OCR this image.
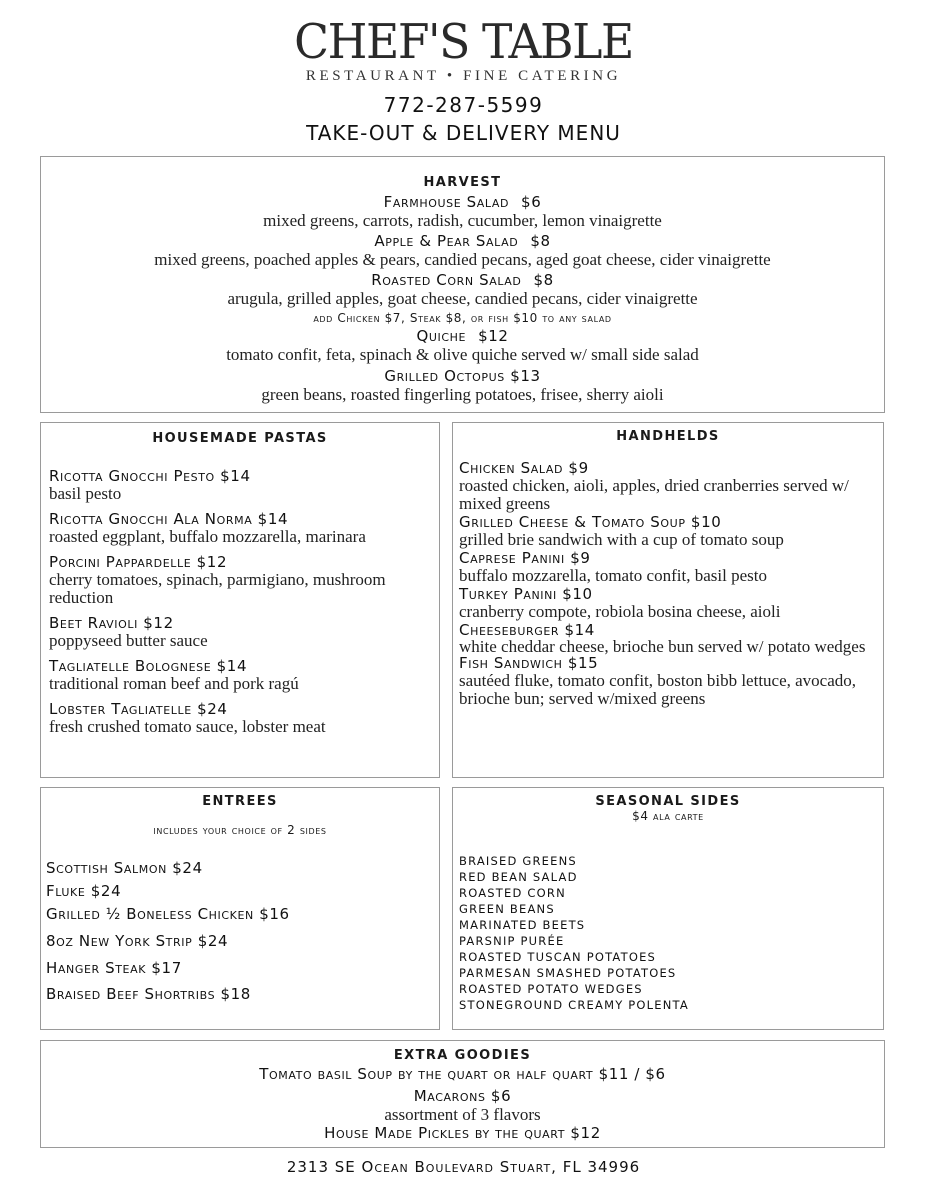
CHEF'S TABLE
RESTAURANT • FINE CATERING
772-287-5599
TAKE-OUT & DELIVERY MENU
HARVEST
Farmhouse Salad $6
mixed greens, carrots, radish, cucumber, lemon vinaigrette
Apple & Pear Salad $8
mixed greens, poached apples & pears, candied pecans, aged goat cheese, cider vinaigrette
Roasted Corn Salad $8
arugula, grilled apples, goat cheese, candied pecans, cider vinaigrette
add Chicken $7, Steak $8, or fish $10 to any salad
Quiche $12
tomato confit, feta, spinach & olive quiche served w/ small side salad
Grilled Octopus $13
green beans, roasted fingerling potatoes, frisee, sherry aioli
HOUSEMADE PASTAS
Ricotta Gnocchi Pesto $14
basil pesto
Ricotta Gnocchi Ala Norma $14
roasted eggplant, buffalo mozzarella, marinara
Porcini Pappardelle $12
cherry tomatoes, spinach, parmigiano, mushroom reduction
Beet Ravioli $12
poppyseed butter sauce
Tagliatelle Bolognese $14
traditional roman beef and pork ragú
Lobster Tagliatelle $24
fresh crushed tomato sauce, lobster meat
HANDHELDS
Chicken Salad $9
roasted chicken, aioli, apples, dried cranberries served w/ mixed greens
Grilled Cheese & Tomato Soup $10
grilled brie sandwich with a cup of tomato soup
Caprese Panini $9
buffalo mozzarella, tomato confit, basil pesto
Turkey Panini $10
cranberry compote, robiola bosina cheese, aioli
Cheeseburger $14
white cheddar cheese, brioche bun served w/ potato wedges
Fish Sandwich $15
sautéed fluke, tomato confit, boston bibb lettuce, avocado, brioche bun; served w/mixed greens
ENTREES
includes your choice of 2 sides
Scottish Salmon $24
Fluke $24
Grilled ½ Boneless Chicken $16
8oz New York Strip $24
Hanger Steak $17
Braised Beef Shortribs $18
SEASONAL SIDES
$4 ala carte
BRAISED GREENS
RED BEAN SALAD
ROASTED CORN
GREEN BEANS
MARINATED BEETS
PARSNIP PURÉE
ROASTED TUSCAN POTATOES
PARMESAN SMASHED POTATOES
ROASTED POTATO WEDGES
STONEGROUND CREAMY POLENTA
EXTRA GOODIES
Tomato basil Soup by the quart or half quart $11 / $6
Macarons $6
assortment of 3 flavors
House Made Pickles by the quart $12
2313 SE Ocean Boulevard Stuart, FL 34996
